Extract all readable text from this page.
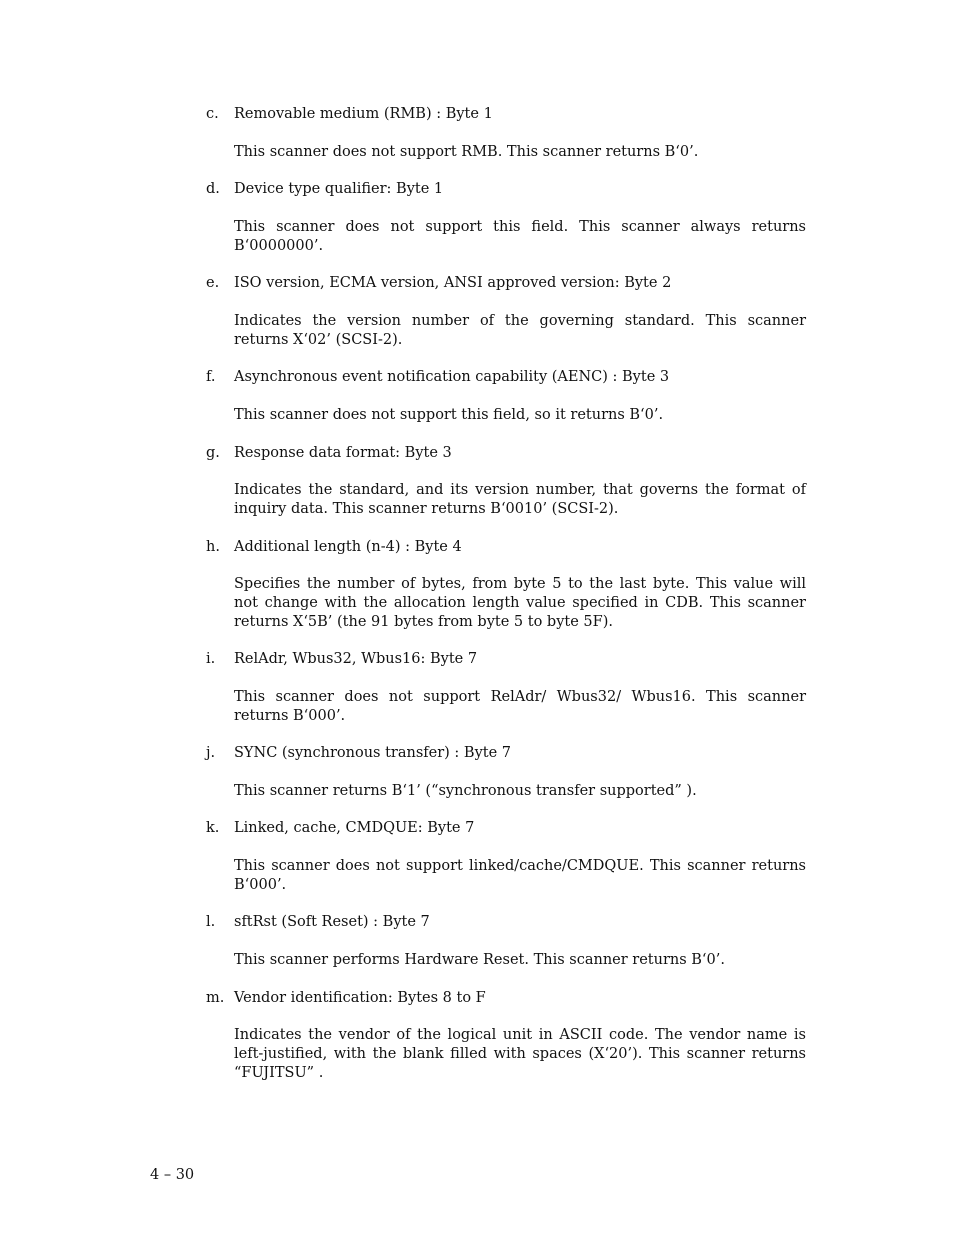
c. Removable medium (RMB) : Byte 1
This scanner does not support RMB. This scanner returns B‘0’.
d. Device type qualifier: Byte 1
This scanner does not support this field. This scanner always returns B‘0000000’.
e. ISO version, ECMA version, ANSI approved version: Byte 2
Indicates the version number of the governing standard. This scanner returns X‘02’ (SCSI-2).
f. Asynchronous event notification capability (AENC) : Byte 3
This scanner does not support this field, so it returns B‘0’.
g. Response data format: Byte 3
Indicates the standard, and its version number, that governs the format of inquiry data. This scanner returns B‘0010’ (SCSI-2).
h. Additional length (n-4) : Byte 4
Specifies the number of bytes, from byte 5 to the last byte. This value will not change with the allocation length value specified in CDB. This scanner returns X‘5B’ (the 91 bytes from byte 5 to byte 5F).
i. RelAdr, Wbus32, Wbus16: Byte 7
This scanner does not support RelAdr/ Wbus32/ Wbus16. This scanner returns B‘000’.
j. SYNC (synchronous transfer) : Byte 7
This scanner returns B‘1’ (“synchronous transfer supported” ).
k. Linked, cache, CMDQUE: Byte 7
This scanner does not support linked/cache/CMDQUE. This scanner returns B‘000’.
l. sftRst (Soft Reset) : Byte 7
This scanner performs Hardware Reset. This scanner returns B‘0’.
m. Vendor identification: Bytes 8 to F
Indicates the vendor of the logical unit in ASCII code. The vendor name is left-justified, with the blank filled with spaces (X‘20’). This scanner returns “FUJITSU” .
4 – 30
